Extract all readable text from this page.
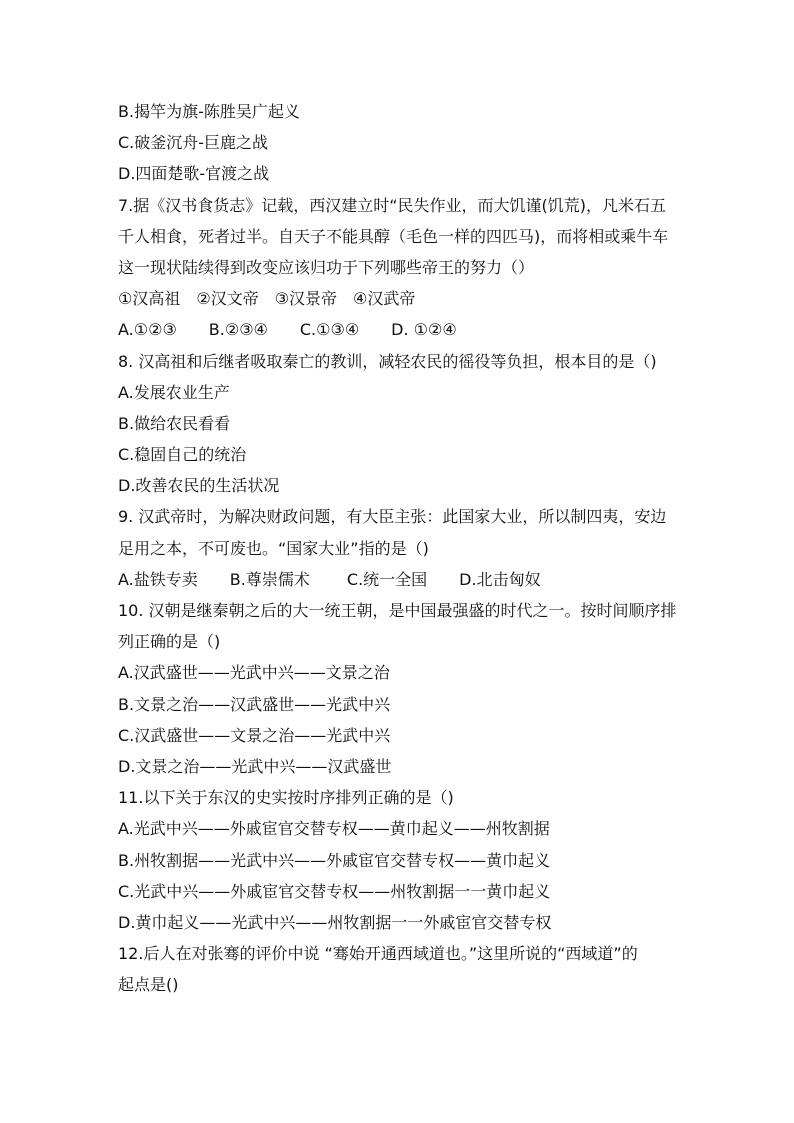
B.揭竿为旗-陈胜吴广起义
C.破釜沉舟-巨鹿之战
D.四面楚歌-官渡之战
7.据《汉书食货志》记载，西汉建立时“民失作业，而大饥谨(饥荒)，凡米石五
千人相食，死者过半。自天子不能具醇（毛色一样的四匹马)，而将相或乘牛车
这一现状陆续得到改变应该归功于下列哪些帝王的努力（）
①汉高祖　②汉文帝　③汉景帝　④汉武帝
A.①②③　　B.②③④　　C.①③④　　D. ①②④
8. 汉高祖和后继者吸取秦亡的教训，减轻农民的徭役等负担，根本目的是（)
A.发展农业生产
B.做给农民看看
C.稳固自己的统治
D.改善农民的生活状况
9. 汉武帝时，为解决财政问题，有大臣主张：此国家大业，所以制四夷，安边
足用之本，不可废也。“国家大业”指的是（)
A.盐铁专卖　　B.尊崇儒术　　 C.统一全国　　D.北击匈奴
10. 汉朝是继秦朝之后的大一统王朝，是中国最强盛的时代之一。按时间顺序排
列正确的是（)
A.汉武盛世——光武中兴——文景之治
B.文景之治——汉武盛世——光武中兴
C.汉武盛世——文景之治——光武中兴
D.文景之治——光武中兴——汉武盛世
11.以下关于东汉的史实按时序排列正确的是（)
A.光武中兴——外戚宦官交替专权——黄巾起义——州牧割据
B.州牧割据——光武中兴——外戚宦官交替专权——黄巾起义
C.光武中兴——外戚宦官交替专权——州牧割据一一黄巾起义
D.黄巾起义——光武中兴——州牧割据一一外戚宦官交替专权
12.后人在对张骞的评价中说 “骞始开通西域道也。”这里所说的“西域道”的
起点是()
